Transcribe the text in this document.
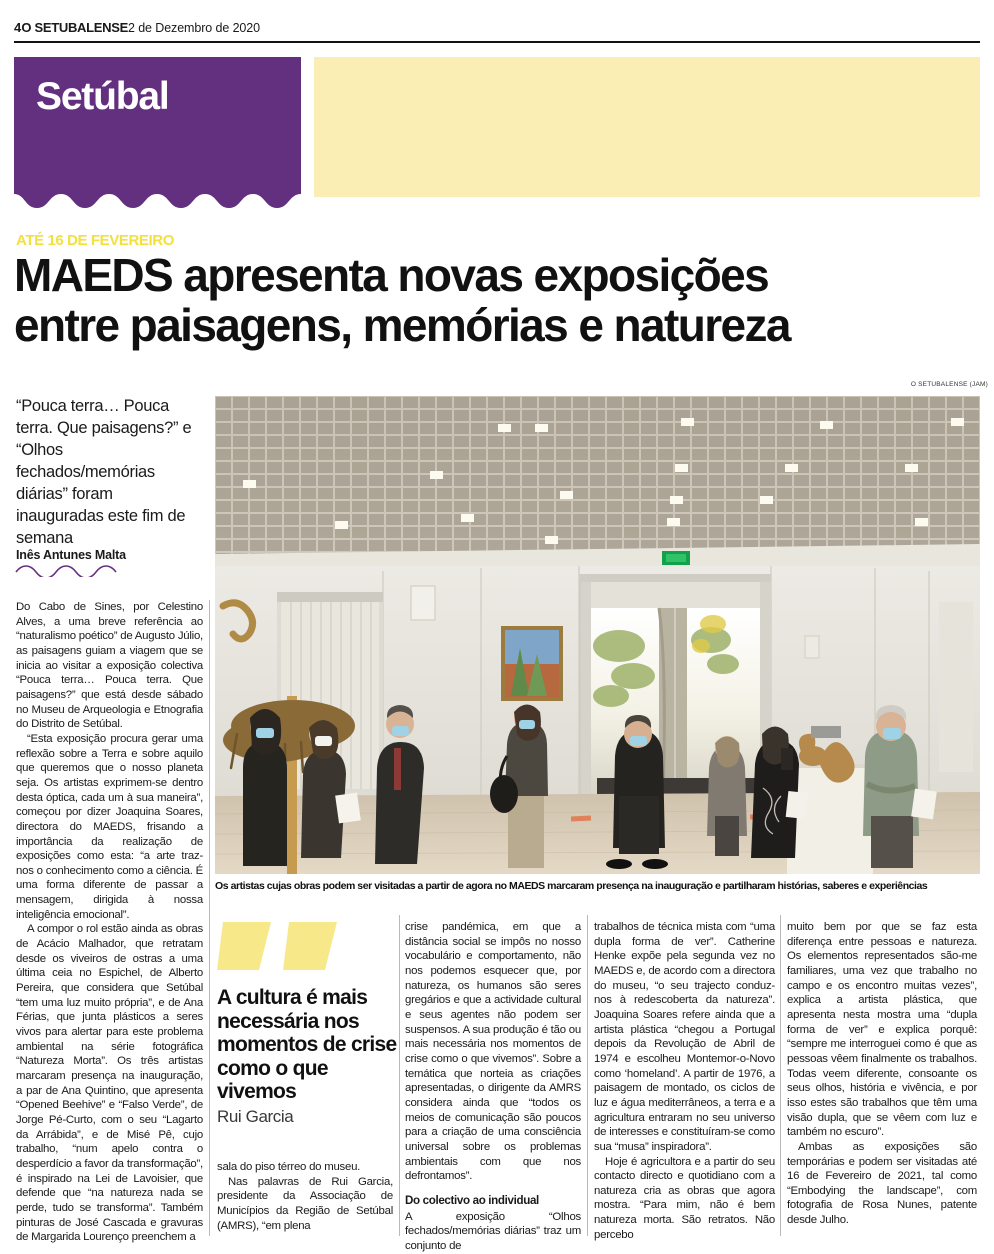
4O SETUBALENSE2 de Dezembro de 2020
Setúbal
ATÉ 16 DE FEVEREIRO
MAEDS apresenta novas exposições
entre paisagens, memórias e natureza
“Pouca terra… Pouca terra. Que paisagens?” e “Olhos fechados/memórias diárias” foram inauguradas este fim de semana
Inês Antunes Malta
O SETUBALENSE (JAM)
Os artistas cujas obras podem ser visitadas a partir de agora no MAEDS marcaram presença na inauguração e partilharam histórias, saberes e experiências

Do Cabo de Sines, por Celestino Alves, a uma breve referência ao “naturalismo poético” de Augusto Júlio, as paisagens guiam a viagem que se inicia ao visitar a exposição colectiva “Pouca terra… Pouca terra. Que paisagens?” que está desde sábado no Museu de Arqueologia e Etnografia do Distrito de Setúbal.

“Esta exposição procura gerar uma reflexão sobre a Terra e sobre aquilo que queremos que o nosso planeta seja. Os artistas exprimem-se dentro desta óptica, cada um à sua maneira”, começou por dizer Joaquina Soares, directora do MAEDS, frisando a importância da realização de exposições como esta: “a arte traz-nos o conhecimento como a ciência. É uma forma diferente de passar a mensagem, dirigida à nossa inteligência emocional”.

A compor o rol estão ainda as obras de Acácio Malhador, que retratam desde os viveiros de ostras a uma última ceia no Espichel, de Alberto Pereira, que considera que Setúbal “tem uma luz muito própria”, e de Ana Férias, que junta plásticos a seres vivos para alertar para este problema ambiental na série fotográfica “Natureza Morta”. Os três artistas marcaram presença na inauguração, a par de Ana Quintino, que apresenta “Opened Beehive” e “Falso Verde”, de Jorge Pé-Curto, com o seu “Lagarto da Arrábida”, e de Misé Pê, cujo trabalho, “num apelo contra o desperdício a favor da transformação”, é inspirado na Lei de Lavoisier, que defende que “na natureza nada se perde, tudo se transforma”. Também pinturas de José Cascada e gravuras de Margarida Lourenço preenchem a

A cultura é mais necessária nos momentos de crise como o que vivemos
Rui Garcia

sala do piso térreo do museu.

Nas palavras de Rui Garcia, presidente da Associação de Municípios da Região de Setúbal (AMRS), “em plena

crise pandémica, em que a distância social se impôs no nosso vocabulário e comportamento, não nos podemos esquecer que, por natureza, os humanos são seres gregários e que a actividade cultural e seus agentes não podem ser suspensos. A sua produção é tão ou mais necessária nos momentos de crise como o que vivemos”. Sobre a temática que norteia as criações apresentadas, o dirigente da AMRS considera ainda que “todos os meios de comunicação são poucos para a criação de uma consciência universal sobre os problemas ambientais com que nos defrontamos”.

Do colectivo ao individual

A exposição “Olhos fechados/memórias diárias” traz um conjunto de

trabalhos de técnica mista com “uma dupla forma de ver”. Catherine Henke expõe pela segunda vez no MAEDS e, de acordo com a directora do museu, “o seu trajecto conduz-nos à redescoberta da natureza”. Joaquina Soares refere ainda que a artista plástica “chegou a Portugal depois da Revolução de Abril de 1974 e escolheu Montemor-o-Novo como ‘homeland’. A partir de 1976, a paisagem de montado, os ciclos de luz e água mediterrâneos, a terra e a agricultura entraram no seu universo de interesses e constituíram-se como sua “musa” inspiradora”.

Hoje é agricultora e a partir do seu contacto directo e quotidiano com a natureza cria as obras que agora mostra. “Para mim, não é bem natureza morta. São retratos. Não percebo

muito bem por que se faz esta diferença entre pessoas e natureza. Os elementos representados são-me familiares, uma vez que trabalho no campo e os encontro muitas vezes”, explica a artista plástica, que apresenta nesta mostra uma “dupla forma de ver” e explica porquê: “sempre me interroguei como é que as pessoas vêem finalmente os trabalhos. Todas veem diferente, consoante os seus olhos, história e vivência, e por isso estes são trabalhos que têm uma visão dupla, que se vêem com luz e também no escuro”.

Ambas as exposições são temporárias e podem ser visitadas até 16 de Fevereiro de 2021, tal como “Embodying the landscape”, com fotografia de Rosa Nunes, patente desde Julho.
